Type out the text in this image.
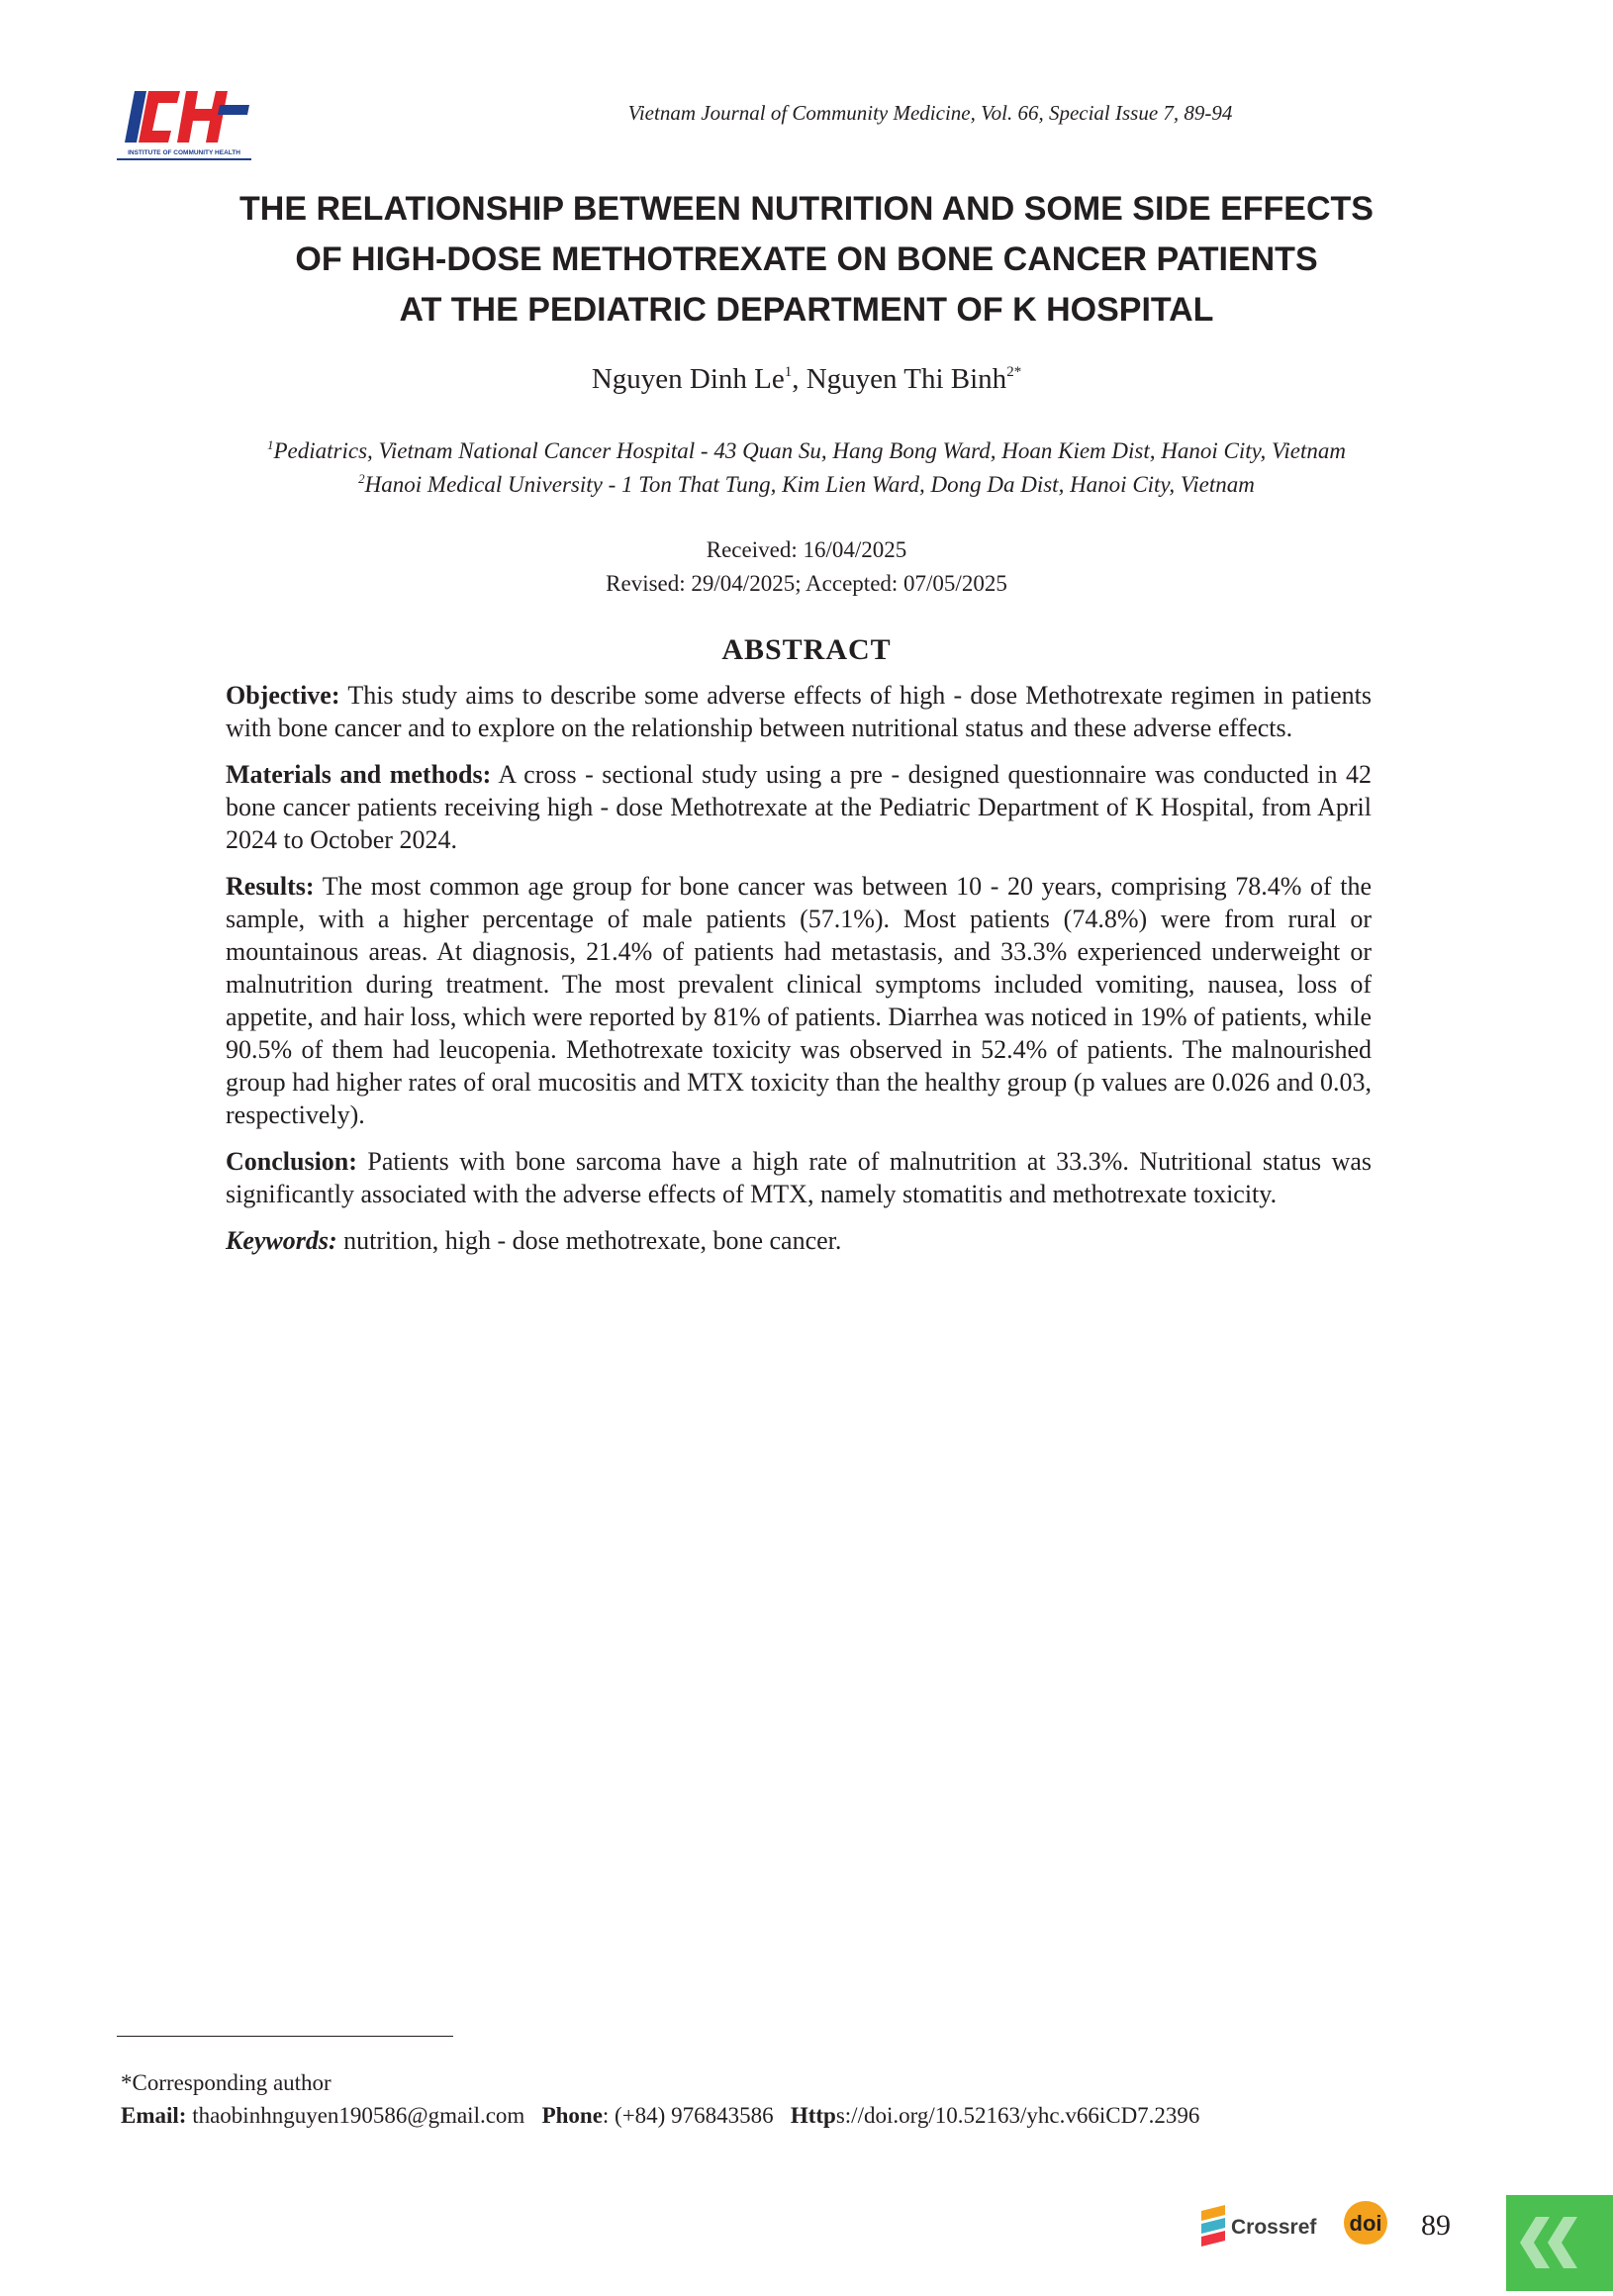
INSTITUTE OF COMMUNITY HEALTH
Vietnam Journal of Community Medicine, Vol. 66, Special Issue 7, 89-94
THE RELATIONSHIP BETWEEN NUTRITION AND SOME SIDE EFFECTS
OF HIGH-DOSE METHOTREXATE ON BONE CANCER PATIENTS
AT THE PEDIATRIC DEPARTMENT OF K HOSPITAL
Nguyen Dinh Le$^1$, Nguyen Thi Binh$^{2*}$
$^1$Pediatrics, Vietnam National Cancer Hospital - 43 Quan Su, Hang Bong Ward, Hoan Kiem Dist, Hanoi City, Vietnam
$^2$Hanoi Medical University - 1 Ton That Tung, Kim Lien Ward, Dong Da Dist, Hanoi City, Vietnam
Received: 16/04/2025
Revised: 29/04/2025; Accepted: 07/05/2025
ABSTRACT

Objective: This study aims to describe some adverse effects of high - dose Methotrexate regimen in patients with bone cancer and to explore on the relationship between nutritional status and these adverse effects.

Materials and methods: A cross - sectional study using a pre - designed questionnaire was conducted in 42 bone cancer patients receiving high - dose Methotrexate at the Pediatric Department of K Hospital, from April 2024 to October 2024.

Results: The most common age group for bone cancer was between 10 - 20 years, comprising 78.4% of the sample, with a higher percentage of male patients (57.1%). Most patients (74.8%) were from rural or mountainous areas. At diagnosis, 21.4% of patients had metastasis, and 33.3% experienced underweight or malnutrition during treatment. The most prevalent clinical symptoms included vomiting, nausea, loss of appetite, and hair loss, which were reported by 81% of patients. Diarrhea was noticed in 19% of patients, while 90.5% of them had leucopenia. Methotrexate toxicity was observed in 52.4% of patients. The malnourished group had higher rates of oral mucositis and MTX toxicity than the healthy group (p values are 0.026 and 0.03, respectively).

Conclusion: Patients with bone sarcoma have a high rate of malnutrition at 33.3%. Nutritional status was significantly associated with the adverse effects of MTX, namely stomatitis and methotrexate toxicity.

Keywords: nutrition, high - dose methotrexate, bone cancer.

*Corresponding author
Email: thaobinhnguyen190586@gmail.com Phone: (+84) 976843586 Https://doi.org/10.52163/yhc.v66iCD7.2396
Crossref doi 89
